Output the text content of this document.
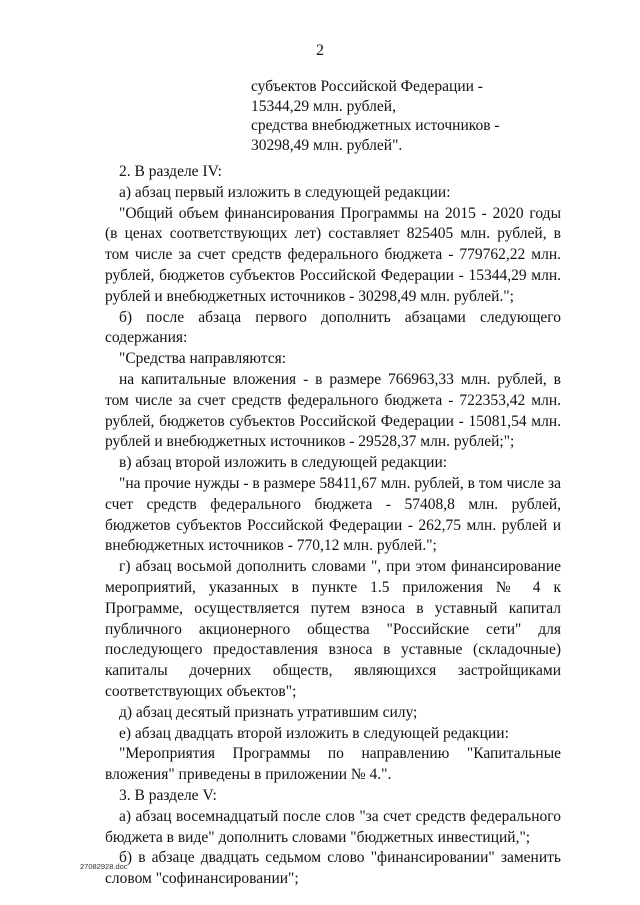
2
субъектов Российской Федерации -
15344,29 млн. рублей,
средства внебюджетных источников -
30298,49 млн. рублей".

2. В разделе IV:

а) абзац первый изложить в следующей редакции:

"Общий объем финансирования Программы на 2015 - 2020 годы (в ценах соответствующих лет) составляет 825405 млн. рублей, в том числе за счет средств федерального бюджета - 779762,22 млн. рублей, бюджетов субъектов Российской Федерации - 15344,29 млн. рублей и внебюджетных источников - 30298,49 млн. рублей.";

б) после абзаца первого дополнить абзацами следующего содержания:

"Средства направляются:

на капитальные вложения - в размере 766963,33 млн. рублей, в том числе за счет средств федерального бюджета - 722353,42 млн. рублей, бюджетов субъектов Российской Федерации - 15081,54 млн. рублей и внебюджетных источников - 29528,37 млн. рублей;";

в) абзац второй изложить в следующей редакции:

"на прочие нужды - в размере 58411,67 млн. рублей, в том числе за счет средств федерального бюджета - 57408,8 млн. рублей, бюджетов субъектов Российской Федерации - 262,75 млн. рублей и внебюджетных источников - 770,12 млн. рублей.";

г) абзац восьмой дополнить словами ", при этом финансирование мероприятий, указанных в пункте 1.5 приложения № 4 к Программе, осуществляется путем взноса в уставный капитал публичного акционерного общества "Российские сети" для последующего предоставления взноса в уставные (складочные) капиталы дочерних обществ, являющихся застройщиками соответствующих объектов";

д) абзац десятый признать утратившим силу;

е) абзац двадцать второй изложить в следующей редакции:

"Мероприятия Программы по направлению "Капитальные вложения" приведены в приложении № 4.".

3. В разделе V:

а) абзац восемнадцатый после слов "за счет средств федерального бюджета в виде" дополнить словами "бюджетных инвестиций,";

б) в абзаце двадцать седьмом слово "финансировании" заменить словом "софинансировании";

27082928.doc
